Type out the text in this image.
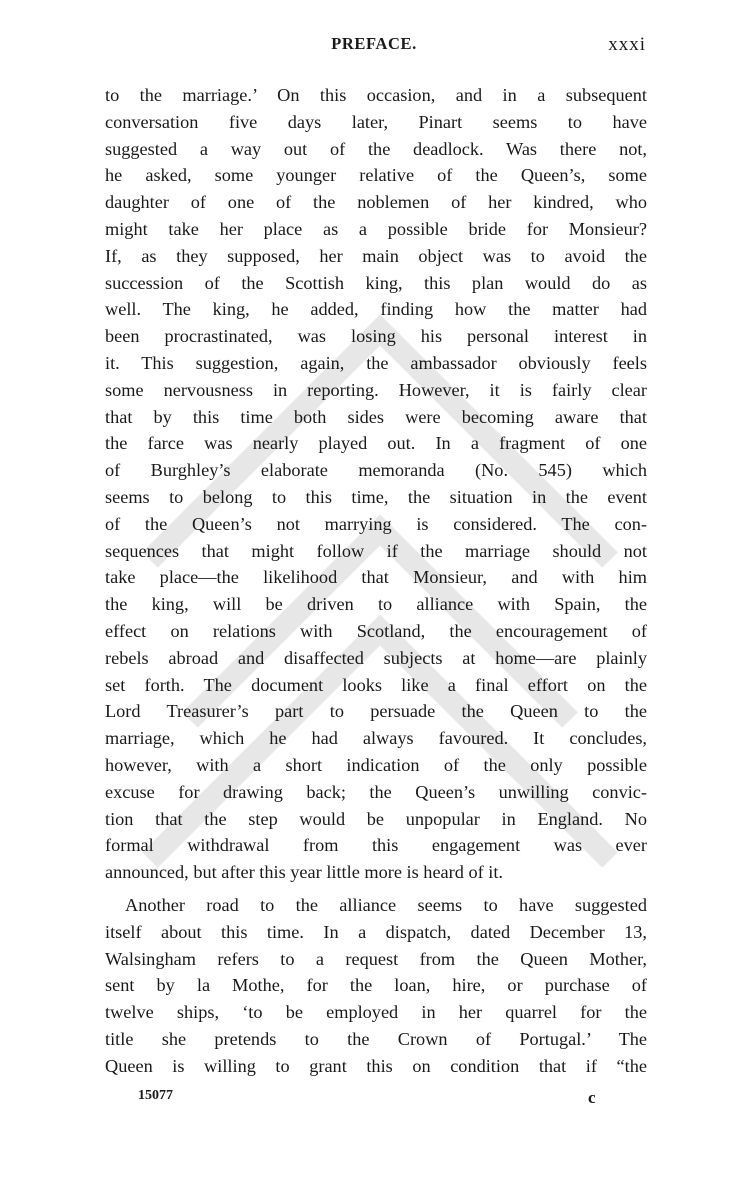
PREFACE.	xxxi
to the marriage.’ On this occasion, and in a subsequent
conversation five days later, Pinart seems to have
suggested a way out of the deadlock. Was there not,
he asked, some younger relative of the Queen’s, some
daughter of one of the noblemen of her kindred, who
might take her place as a possible bride for Monsieur?
If, as they supposed, her main object was to avoid the
succession of the Scottish king, this plan would do as
well. The king, he added, finding how the matter had
been procrastinated, was losing his personal interest in
it. This suggestion, again, the ambassador obviously feels
some nervousness in reporting. However, it is fairly clear
that by this time both sides were becoming aware that
the farce was nearly played out. In a fragment of one
of Burghley’s elaborate memoranda (No. 545) which
seems to belong to this time, the situation in the event
of the Queen’s not marrying is considered. The con-
sequences that might follow if the marriage should not
take place—the likelihood that Monsieur, and with him
the king, will be driven to alliance with Spain, the
effect on relations with Scotland, the encouragement of
rebels abroad and disaffected subjects at home—are plainly
set forth. The document looks like a final effort on the
Lord Treasurer’s part to persuade the Queen to the
marriage, which he had always favoured. It concludes,
however, with a short indication of the only possible
excuse for drawing back; the Queen’s unwilling convic-
tion that the step would be unpopular in England. No
formal withdrawal from this engagement was ever
announced, but after this year little more is heard of it.
Another road to the alliance seems to have suggested
itself about this time. In a dispatch, dated December 13,
Walsingham refers to a request from the Queen Mother,
sent by la Mothe, for the loan, hire, or purchase of
twelve ships, ‘to be employed in her quarrel for the
title she pretends to the Crown of Portugal.’ The
Queen is willing to grant this on condition that if “the
15077	c
